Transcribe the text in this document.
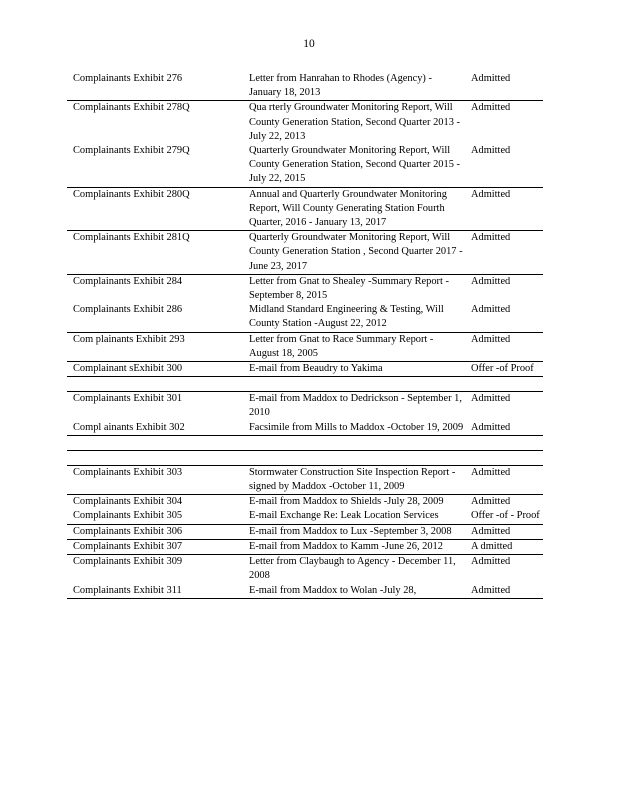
10
Complainants Exhibit 276	Letter from Hanrahan to Rhodes (Agency) - January 18, 2013	Admitted
Complainants Exhibit 278Q	Qua rterly Groundwater Monitoring Report, Will County Generation Station, Second Quarter 2013 -July 22, 2013	Admitted
Complainants Exhibit 279Q	Quarterly Groundwater Monitoring Report, Will County Generation Station, Second Quarter 2015 -July 22, 2015	Admitted
Complainants Exhibit 280Q	Annual and Quarterly Groundwater Monitoring Report, Will County Generating Station Fourth Quarter, 2016 - January 13, 2017	Admitted
Complainants Exhibit 281Q	Quarterly Groundwater Monitoring Report, Will County Generation Station , Second Quarter 2017 -June 23, 2017	Admitted
Complainants Exhibit 284	Letter from Gnat to Shealey -Summary Report -September 8, 2015	Admitted
Complainants Exhibit 286	Midland Standard Engineering & Testing, Will County Station -August 22, 2012	Admitted
Com plainants Exhibit 293	Letter from Gnat to Race Summary Report - August 18, 2005	Admitted
Complainant sExhibit 300	E-mail from Beaudry to Yakima	Offer -of Proof

Complainants Exhibit 301	E-mail from Maddox to Dedrickson - September 1, 2010	Admitted
Compl ainants Exhibit 302	Facsimile from Mills to Maddox -October 19, 2009	Admitted

Complainants Exhibit 303	Stormwater Construction Site Inspection Report -signed by Maddox -October 11, 2009	Admitted
Complainants Exhibit 304	E-mail from Maddox to Shields -July 28, 2009	Admitted
Complainants Exhibit 305	E-mail Exchange Re: Leak Location Services	Offer -of - Proof
Complainants Exhibit 306	E-mail from Maddox to Lux -September 3, 2008	Admitted
Complainants Exhibit 307	E-mail from Maddox to Kamm -June 26, 2012	A dmitted
Complainants Exhibit 309	Letter from Claybaugh to Agency - December 11, 2008	Admitted
Complainants Exhibit 311	E-mail from Maddox to Wolan -July 28,	Admitted
